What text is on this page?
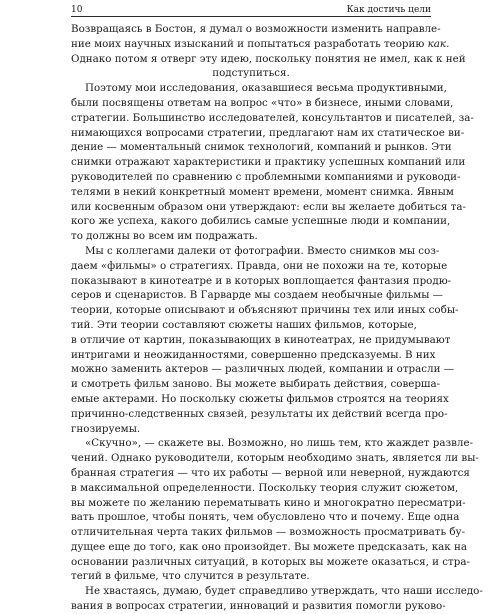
10	Как достичь цели
Возвращаясь в Бостон, я думал о возможности изменить направле-
ние моих научных изысканий и попытаться разработать теорию как.
Однако потом я отверг эту идею, поскольку понятия не имел, как к ней
подступиться.
Поэтому мои исследования, оказавшиеся весьма продуктивными,
были посвящены ответам на вопрос «что» в бизнесе, иными словами,
стратегии. Большинство исследователей, консультантов и писателей, за-
нимающихся вопросами стратегии, предлагают нам их статическое ви-
дение — моментальный снимок технологий, компаний и рынков. Эти
снимки отражают характеристики и практику успешных компаний или
руководителей по сравнению с проблемными компаниями и руководи-
телями в некий конкретный момент времени, момент снимка. Явным
или косвенным образом они утверждают: если вы желаете добиться та-
кого же успеха, какого добились самые успешные люди и компании,
то должны во всем им подражать.
Мы с коллегами далеки от фотографии. Вместо снимков мы соз-
даем «фильмы» о стратегиях. Правда, они не похожи на те, которые
показывают в кинотеатре и в которых воплощается фантазия продю-
серов и сценаристов. В Гарварде мы создаем необычные фильмы —
теории, которые описывают и объясняют причины тех или иных собы-
тий. Эти теории составляют сюжеты наших фильмов, которые,
в отличие от картин, показывающих в кинотеатрах, не придумывают
интригами и неожиданностями, совершенно предсказуемы. В них
можно заменить актеров — различных людей, компании и отрасли —
и смотреть фильм заново. Вы можете выбирать действия, соверша-
емые актерами. Но поскольку сюжеты фильмов строятся на теориях
причинно-следственных связей, результаты их действий всегда про-
гнозируемы.
«Скучно», — скажете вы. Возможно, но лишь тем, кто жаждет развле-
чений. Однако руководители, которым необходимо знать, является ли вы-
бранная стратегия — что их работы — верной или неверной, нуждаются
в максимальной определенности. Поскольку теория служит сюжетом,
вы можете по желанию перематывать кино и многократно пересматри-
вать прошлое, чтобы понять, чем обусловлено что и почему. Еще одна
отличительная черта таких фильмов — возможность просматривать бу-
дущее еще до того, как оно произойдет. Вы можете предсказать, как на
основании различных ситуаций, в которых вы можете оказаться, и стра-
тегий в фильме, что случится в результате.
Не хвастаясь, думаю, будет справедливо утверждать, что наши исследо-
вания в вопросах стратегии, инноваций и развития помогли руково-
